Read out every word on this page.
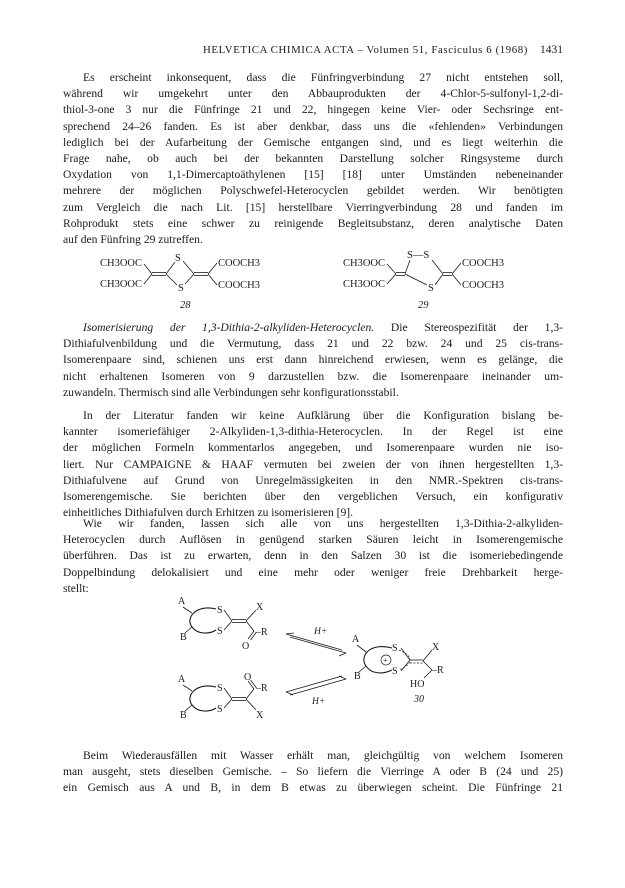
HELVETICA CHIMICA ACTA – Volumen 51, Fasciculus 6 (1968) 1431
Es erscheint inkonsequent, dass die Fünfringverbindung 27 nicht entstehen soll,
während wir umgekehrt unter den Abbauprodukten der 4-Chlor-5-sulfonyl-1,2-di-
thiol-3-one 3 nur die Fünfringe 21 und 22, hingegen keine Vier- oder Sechsringe ent-
sprechend 24–26 fanden. Es ist aber denkbar, dass uns die «fehlenden» Verbindungen
lediglich bei der Aufarbeitung der Gemische entgangen sind, und es liegt weiterhin die
Frage nahe, ob auch bei der bekannten Darstellung solcher Ringsysteme durch
Oxydation von 1,1-Dimercaptoäthylenen [15] [18] unter Umständen nebeneinander
mehrere der möglichen Polyschwefel-Heterocyclen gebildet werden. Wir benötigten
zum Vergleich die nach Lit. [15] herstellbare Vierringverbindung 28 und fanden im
Rohprodukt stets eine schwer zu reinigende Begleitsubstanz, deren analytische Daten
auf den Fünfring 29 zutreffen.
CH3OOC
CH3OOC
S
S
COOCH3
COOCH3
28
CH3OOC
CH3OOC
S—S
S
COOCH3
COOCH3
29
Isomerisierung der 1,3-Dithia-2-alkyliden-Heterocyclen. Die Stereospezifität der 1,3-
Dithiafulvenbildung und die Vermutung, dass 21 und 22 bzw. 24 und 25 cis-trans-
Isomerenpaare sind, schienen uns erst dann hinreichend erwiesen, wenn es gelänge, die
nicht erhaltenen Isomeren von 9 darzustellen bzw. die Isomerenpaare ineinander um-
zuwandeln. Thermisch sind alle Verbindungen sehr konfigurationsstabil.
In der Literatur fanden wir keine Aufklärung über die Konfiguration bislang be-
kannter isomeriefähiger 2-Alkyliden-1,3-dithia-Heterocyclen. In der Regel ist eine
der möglichen Formeln kommentarlos angegeben, und Isomerenpaare wurden nie iso-
liert. Nur CAMPAIGNE & HAAF vermuten bei zweien der von ihnen hergestellten 1,3-
Dithiafulvene auf Grund von Unregelmässigkeiten in den NMR.-Spektren cis-trans-
Isomerengemische. Sie berichten über den vergeblichen Versuch, ein konfigurativ
einheitliches Dithiafulven durch Erhitzen zu isomerisieren [9].
Wie wir fanden, lassen sich alle von uns hergestellten 1,3-Dithia-2-alkyliden-
Heterocyclen durch Auflösen in genügend starken Säuren leicht in Isomerengemische
überführen. Das ist zu erwarten, denn in den Salzen 30 ist die isomeriebedingende
Doppelbindung delokalisiert und eine mehr oder weniger freie Drehbarkeit herge-
stellt:
A
B
S
S
X
O
–R
A
B
S
S
O
–R
X
H+
H+
A
B
S
S
+
X
–R
HO
30
Beim Wiederausfällen mit Wasser erhält man, gleichgültig von welchem Isomeren
man ausgeht, stets dieselben Gemische. – So liefern die Vierringe A oder B (24 und 25)
ein Gemisch aus A und B, in dem B etwas zu überwiegen scheint. Die Fünfringe 21
